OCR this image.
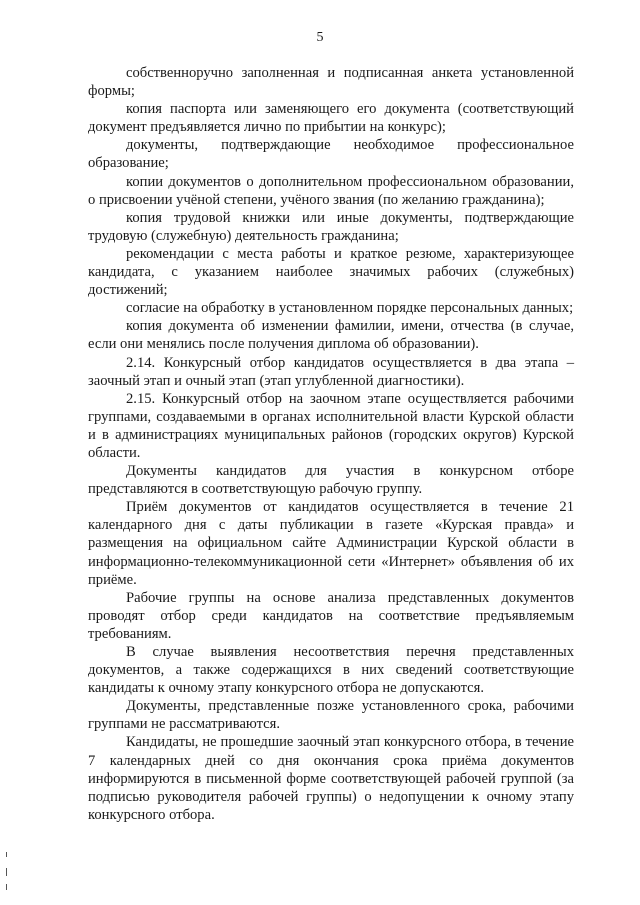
5

собственноручно заполненная и подписанная анкета установленной формы;

копия паспорта или заменяющего его документа (соответствующий документ предъявляется лично по прибытии на конкурс);

документы, подтверждающие необходимое профессиональное образование;

копии документов о дополнительном профессиональном образовании, о присвоении учёной степени, учёного звания (по желанию гражданина);

копия трудовой книжки или иные документы, подтверждающие трудовую (служебную) деятельность гражданина;

рекомендации с места работы и краткое резюме, характеризующее кандидата, с указанием наиболее значимых рабочих (служебных) достижений;

согласие на обработку в установленном порядке персональных данных;

копия документа об изменении фамилии, имени, отчества (в случае, если они менялись после получения диплома об образовании).

2.14. Конкурсный отбор кандидатов осуществляется в два этапа – заочный этап и очный этап (этап углубленной диагностики).

2.15. Конкурсный отбор на заочном этапе осуществляется рабочими группами, создаваемыми в органах исполнительной власти Курской области и в администрациях муниципальных районов (городских округов) Курской области.

Документы кандидатов для участия в конкурсном отборе представляются в соответствующую рабочую группу.

Приём документов от кандидатов осуществляется в течение 21 календарного дня с даты публикации в газете «Курская правда» и размещения на официальном сайте Администрации Курской области в информационно-телекоммуникационной сети «Интернет» объявления об их приёме.

Рабочие группы на основе анализа представленных документов проводят отбор среди кандидатов на соответствие предъявляемым требованиям.

В случае выявления несоответствия перечня представленных документов, а также содержащихся в них сведений соответствующие кандидаты к очному этапу конкурсного отбора не допускаются.

Документы, представленные позже установленного срока, рабочими группами не рассматриваются.

Кандидаты, не прошедшие заочный этап конкурсного отбора, в течение 7 календарных дней со дня окончания срока приёма документов информируются в письменной форме соответствующей рабочей группой (за подписью руководителя рабочей группы) о недопущении к очному этапу конкурсного отбора.
